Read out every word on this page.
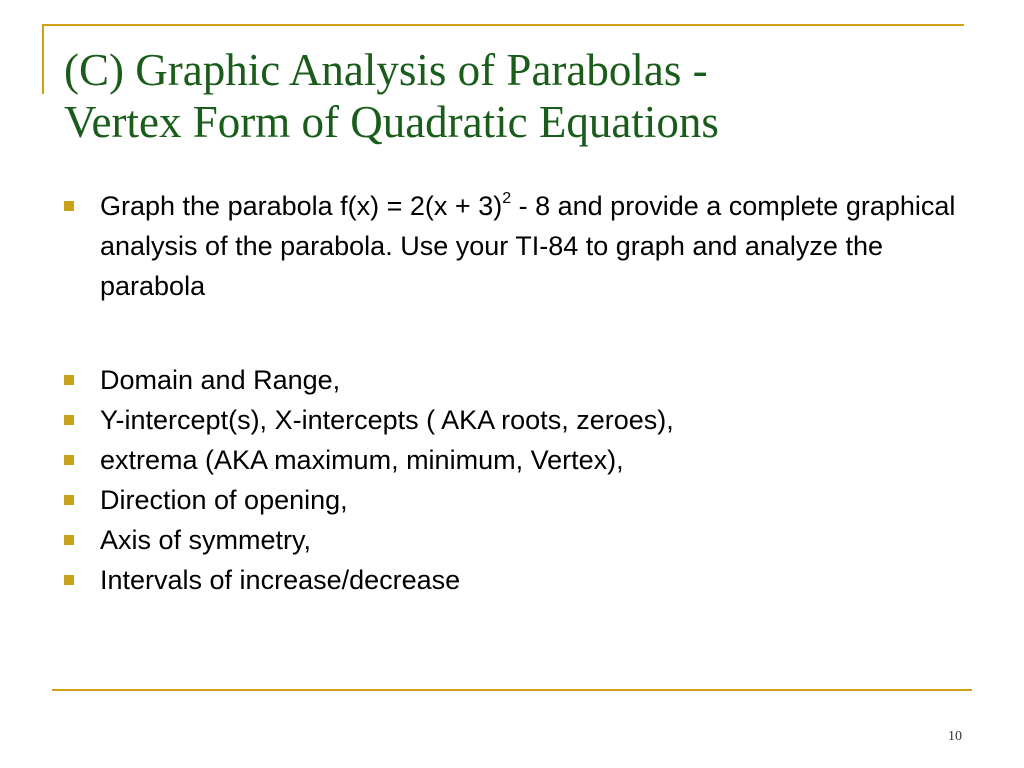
(C) Graphic Analysis of Parabolas -
Vertex Form of Quadratic Equations
Graph the parabola $f(x) = 2(x + 3)^2 - 8$ and provide a complete graphical analysis of the parabola. Use your TI-84 to graph and analyze the parabola
Domain and Range,
Y-intercept(s), X-intercepts ( AKA roots, zeroes),
extrema (AKA maximum, minimum, Vertex),
Direction of opening,
Axis of symmetry,
Intervals of increase/decrease
10
